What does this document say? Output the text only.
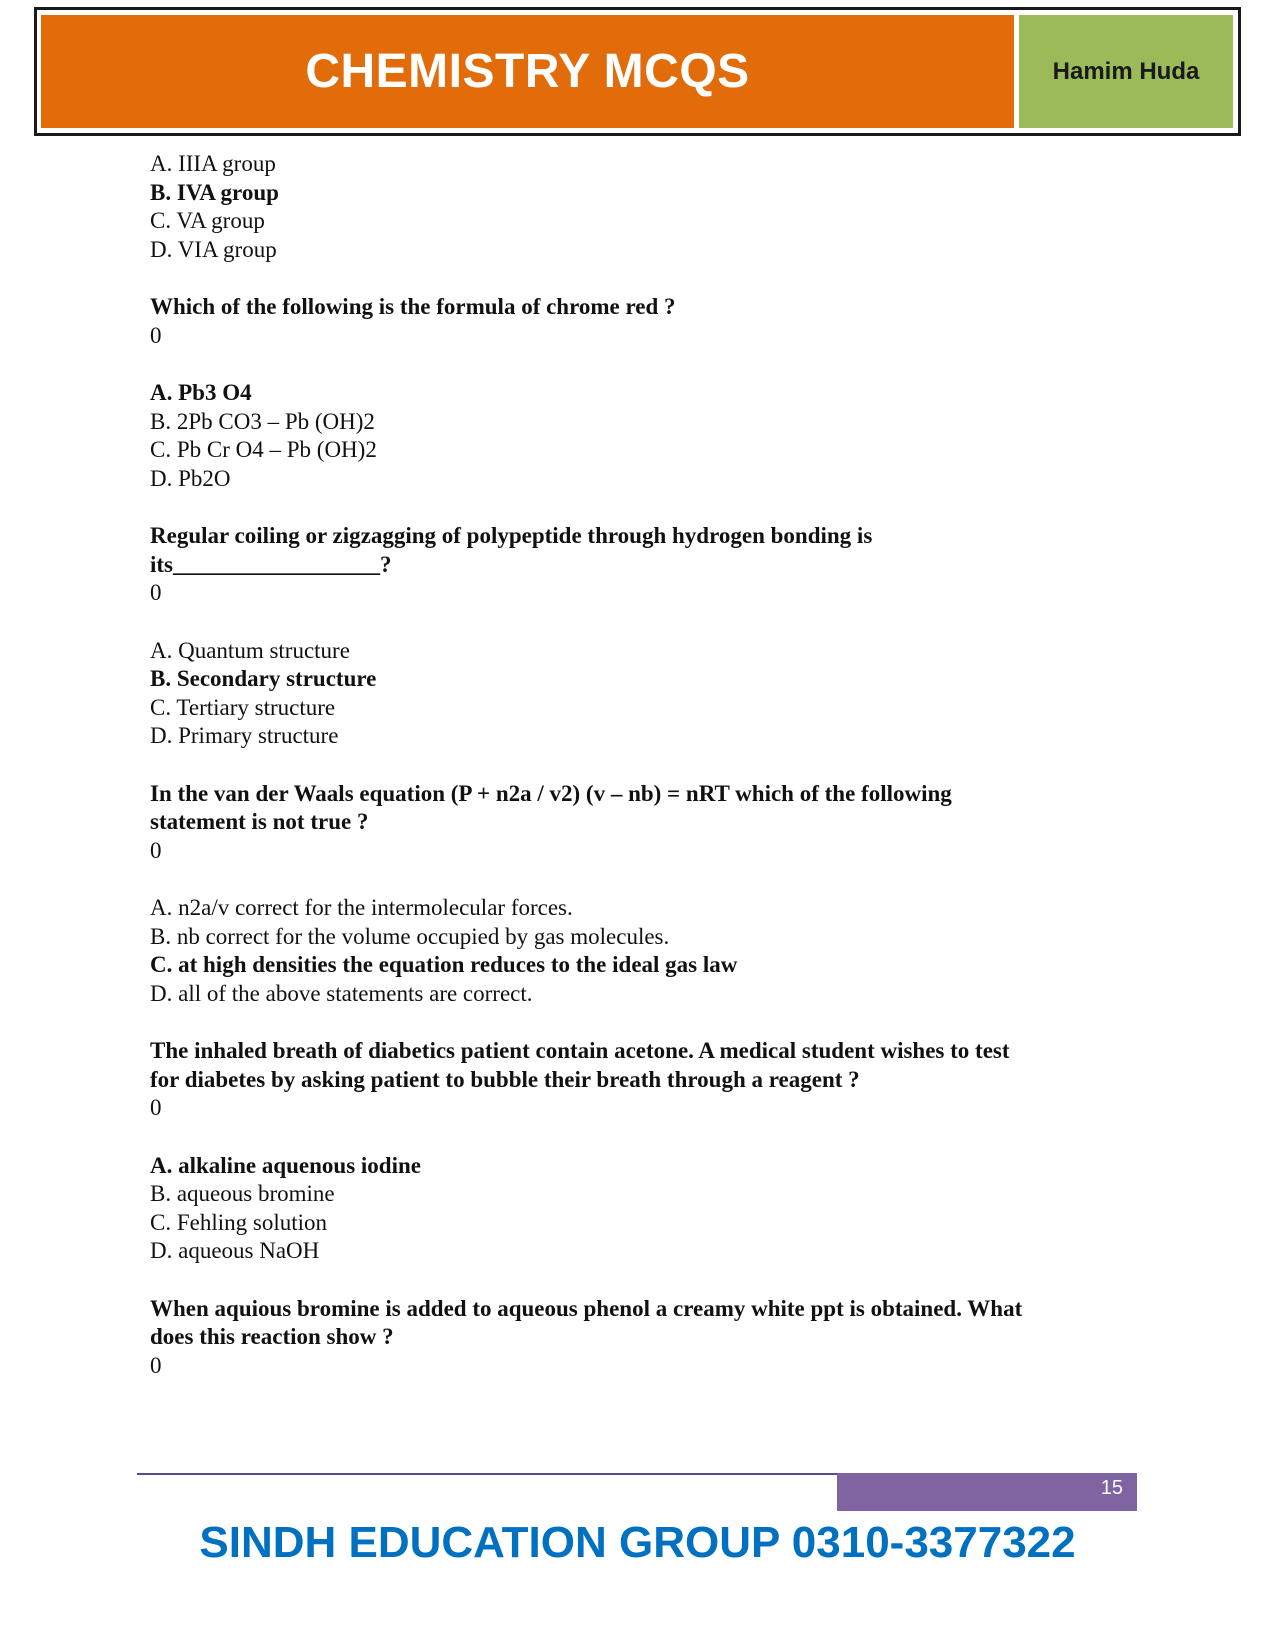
CHEMISTRY MCQS	Hamim Huda
A. IIIA group
B. IVA group
C. VA group
D. VIA group
Which of the following is the formula of chrome red ?
0
A. Pb3 O4
B. 2Pb CO3 – Pb (OH)2
C. Pb Cr O4 – Pb (OH)2
D. Pb2O
Regular coiling or zigzagging of polypeptide through hydrogen bonding is
its__________________?
0
A. Quantum structure
B. Secondary structure
C. Tertiary structure
D. Primary structure
In the van der Waals equation (P + n2a / v2) (v – nb) = nRT which of the following
statement is not true ?
0
A. n2a/v correct for the intermolecular forces.
B. nb correct for the volume occupied by gas molecules.
C. at high densities the equation reduces to the ideal gas law
D. all of the above statements are correct.
The inhaled breath of diabetics patient contain acetone. A medical student wishes to test
for diabetes by asking patient to bubble their breath through a reagent ?
0
A. alkaline aquenous iodine
B. aqueous bromine
C. Fehling solution
D. aqueous NaOH
When aquious bromine is added to aqueous phenol a creamy white ppt is obtained. What
does this reaction show ?
0
15
SINDH EDUCATION GROUP 0310-3377322
